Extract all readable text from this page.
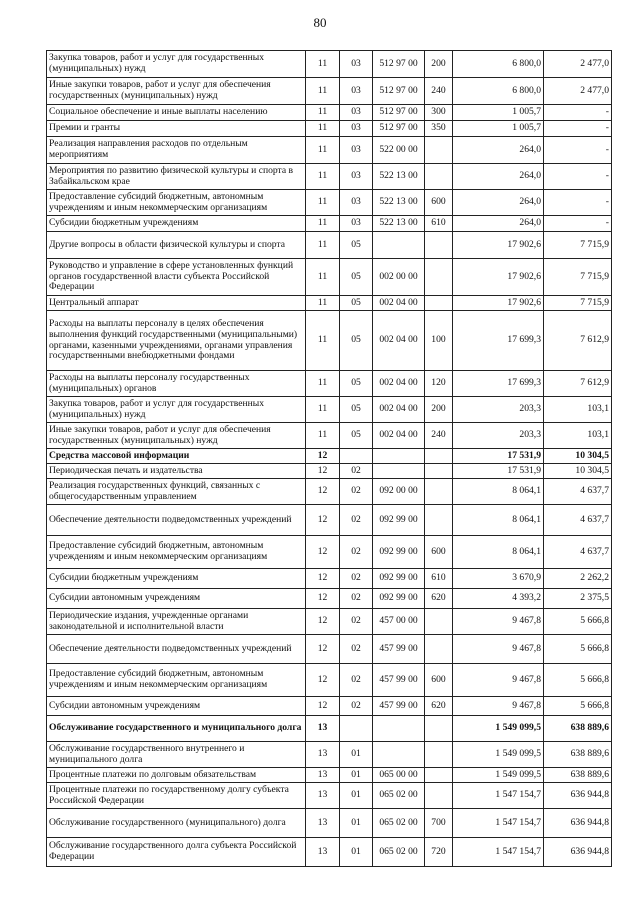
80
Закупка товаров, работ и услуг для государственных (муниципальных) нужд	11	03	512 97 00	200	6 800,0	2 477,0
Иные закупки товаров, работ и услуг для обеспечения государственных (муниципальных) нужд	11	03	512 97 00	240	6 800,0	2 477,0
Социальное обеспечение и иные выплаты населению	11	03	512 97 00	300	1 005,7	-
Премии и гранты	11	03	512 97 00	350	1 005,7	-
Реализация направления расходов по отдельным мероприятиям	11	03	522 00 00		264,0	-
Мероприятия по развитию физической культуры и спорта в Забайкальском крае	11	03	522 13 00		264,0	-
Предоставление субсидий бюджетным, автономным учреждениям и иным некоммерческим организациям	11	03	522 13 00	600	264,0	-
Субсидии бюджетным учреждениям	11	03	522 13 00	610	264,0	-
Другие вопросы в области физической культуры и спорта	11	05			17 902,6	7 715,9
Руководство и управление в сфере установленных функций органов государственной власти субъекта Российской Федерации	11	05	002 00 00		17 902,6	7 715,9
Центральный аппарат	11	05	002 04 00		17 902,6	7 715,9
Расходы на выплаты персоналу в целях обеспечения выполнения функций государственными (муниципальными) органами, казенными учреждениями, органами управления государственными внебюджетными фондами	11	05	002 04 00	100	17 699,3	7 612,9
Расходы на выплаты персоналу государственных (муниципальных) органов	11	05	002 04 00	120	17 699,3	7 612,9
Закупка товаров, работ и услуг для государственных (муниципальных) нужд	11	05	002 04 00	200	203,3	103,1
Иные закупки товаров, работ и услуг для обеспечения государственных (муниципальных) нужд	11	05	002 04 00	240	203,3	103,1
Средства массовой информации	12				17 531,9	10 304,5
Периодическая печать и издательства	12	02			17 531,9	10 304,5
Реализация государственных функций, связанных с общегосударственным управлением	12	02	092 00 00		8 064,1	4 637,7
Обеспечение деятельности подведомственных учреждений	12	02	092 99 00		8 064,1	4 637,7
Предоставление субсидий бюджетным, автономным учреждениям и иным некоммерческим организациям	12	02	092 99 00	600	8 064,1	4 637,7
Субсидии бюджетным учреждениям	12	02	092 99 00	610	3 670,9	2 262,2
Субсидии автономным учреждениям	12	02	092 99 00	620	4 393,2	2 375,5
Периодические издания, учрежденные органами законодательной и исполнительной власти	12	02	457 00 00		9 467,8	5 666,8
Обеспечение деятельности подведомственных учреждений	12	02	457 99 00		9 467,8	5 666,8
Предоставление субсидий бюджетным, автономным учреждениям и иным некоммерческим организациям	12	02	457 99 00	600	9 467,8	5 666,8
Субсидии автономным учреждениям	12	02	457 99 00	620	9 467,8	5 666,8
Обслуживание государственного и муниципального долга	13				1 549 099,5	638 889,6
Обслуживание государственного внутреннего и муниципального долга	13	01			1 549 099,5	638 889,6
Процентные платежи по долговым обязательствам	13	01	065 00 00		1 549 099,5	638 889,6
Процентные платежи по государственному долгу субъекта Российской Федерации	13	01	065 02 00		1 547 154,7	636 944,8
Обслуживание государственного (муниципального) долга	13	01	065 02 00	700	1 547 154,7	636 944,8
Обслуживание государственного долга субъекта Российской Федерации	13	01	065 02 00	720	1 547 154,7	636 944,8
